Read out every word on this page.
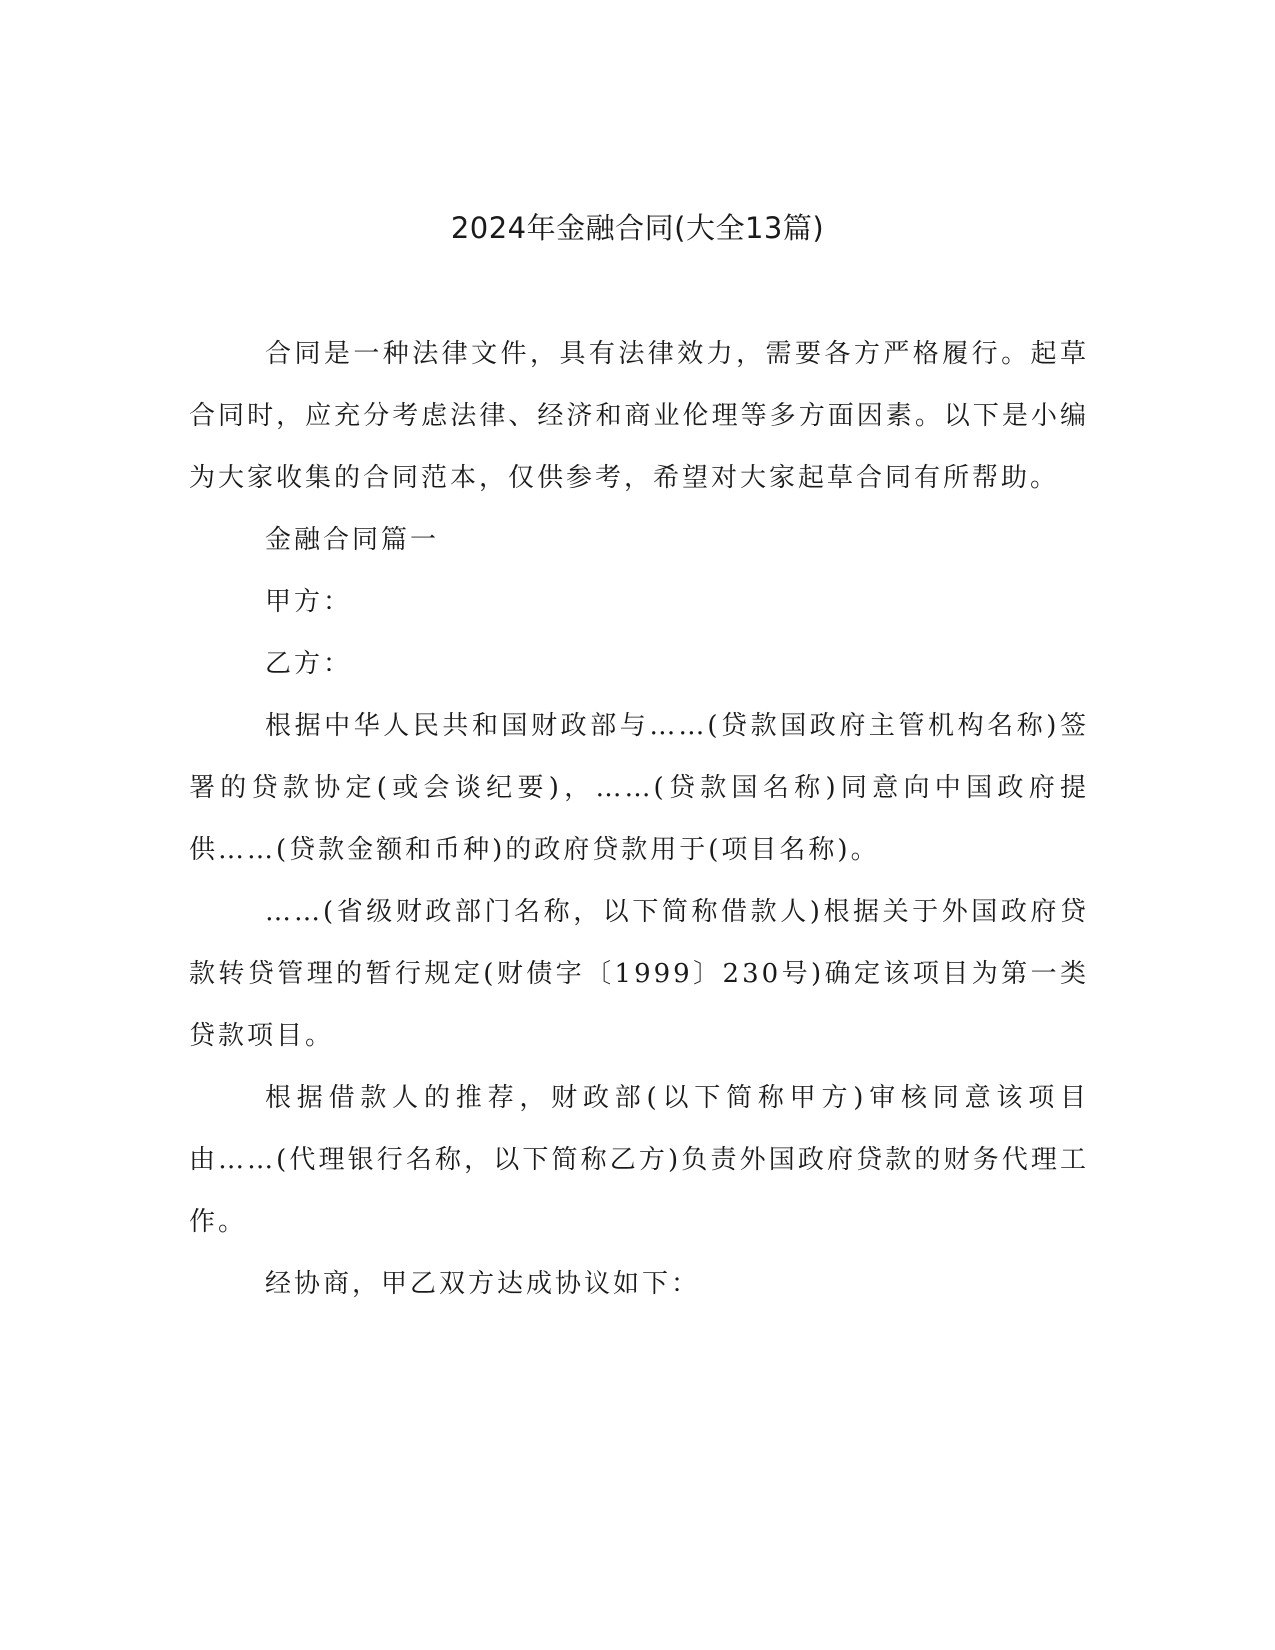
2024年金融合同(大全13篇)

合同是一种法律文件，具有法律效力，需要各方严格履行。起草合同时，应充分考虑法律、经济和商业伦理等多方面因素。以下是小编为大家收集的合同范本，仅供参考，希望对大家起草合同有所帮助。

金融合同篇一

甲方：

乙方：

根据中华人民共和国财政部与……(贷款国政府主管机构名称)签署的贷款协定(或会谈纪要)，……(贷款国名称)同意向中国政府提供……(贷款金额和币种)的政府贷款用于(项目名称)。

……(省级财政部门名称，以下简称借款人)根据关于外国政府贷款转贷管理的暂行规定(财债字〔1999〕230号)确定该项目为第一类贷款项目。

根据借款人的推荐，财政部(以下简称甲方)审核同意该项目由……(代理银行名称，以下简称乙方)负责外国政府贷款的财务代理工作。

经协商，甲乙双方达成协议如下：
